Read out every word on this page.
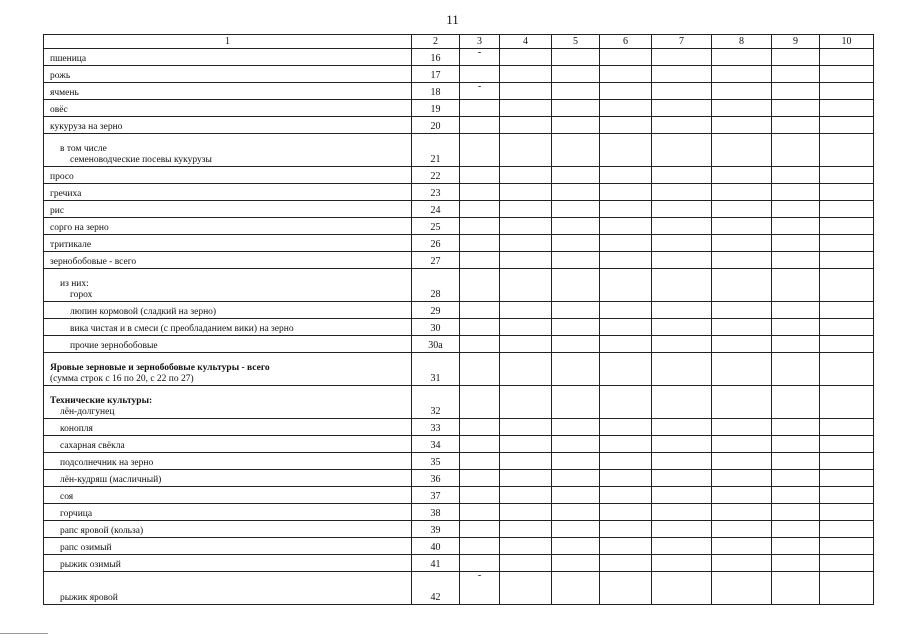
11
1	2	3	4	5	6	7	8	9	10

пшеница	16	-							

рожь	17								

ячмень	18	-							

овёс	19								

кукуруза на зерно	20								

в том числе
семеноводческие посевы кукурузы	21								

просо	22								

гречиха	23								

рис	24								

сорго на зерно	25								

тритикале	26								

зернобобовые - всего	27								

из них:
горох	28								

люпин кормовой (сладкий на зерно)	29								

вика чистая и в смеси (с преобладанием вики) на зерно	30								

прочие зернобобовые	30а								

Яровые зерновые и зернобобовые культуры - всего
(сумма строк с 16 по 20, с 22 по 27)	31								

Технические культуры:
лён-долгунец	32								

конопля	33								

сахарная свёкла	34								

подсолнечник на зерно	35								

лён-кудряш (масличный)	36								

соя	37								

горчица	38								

рапс яровой (кольза)	39								

рапс озимый	40								

рыжик озимый	41								

рыжик яровой	42	-							
